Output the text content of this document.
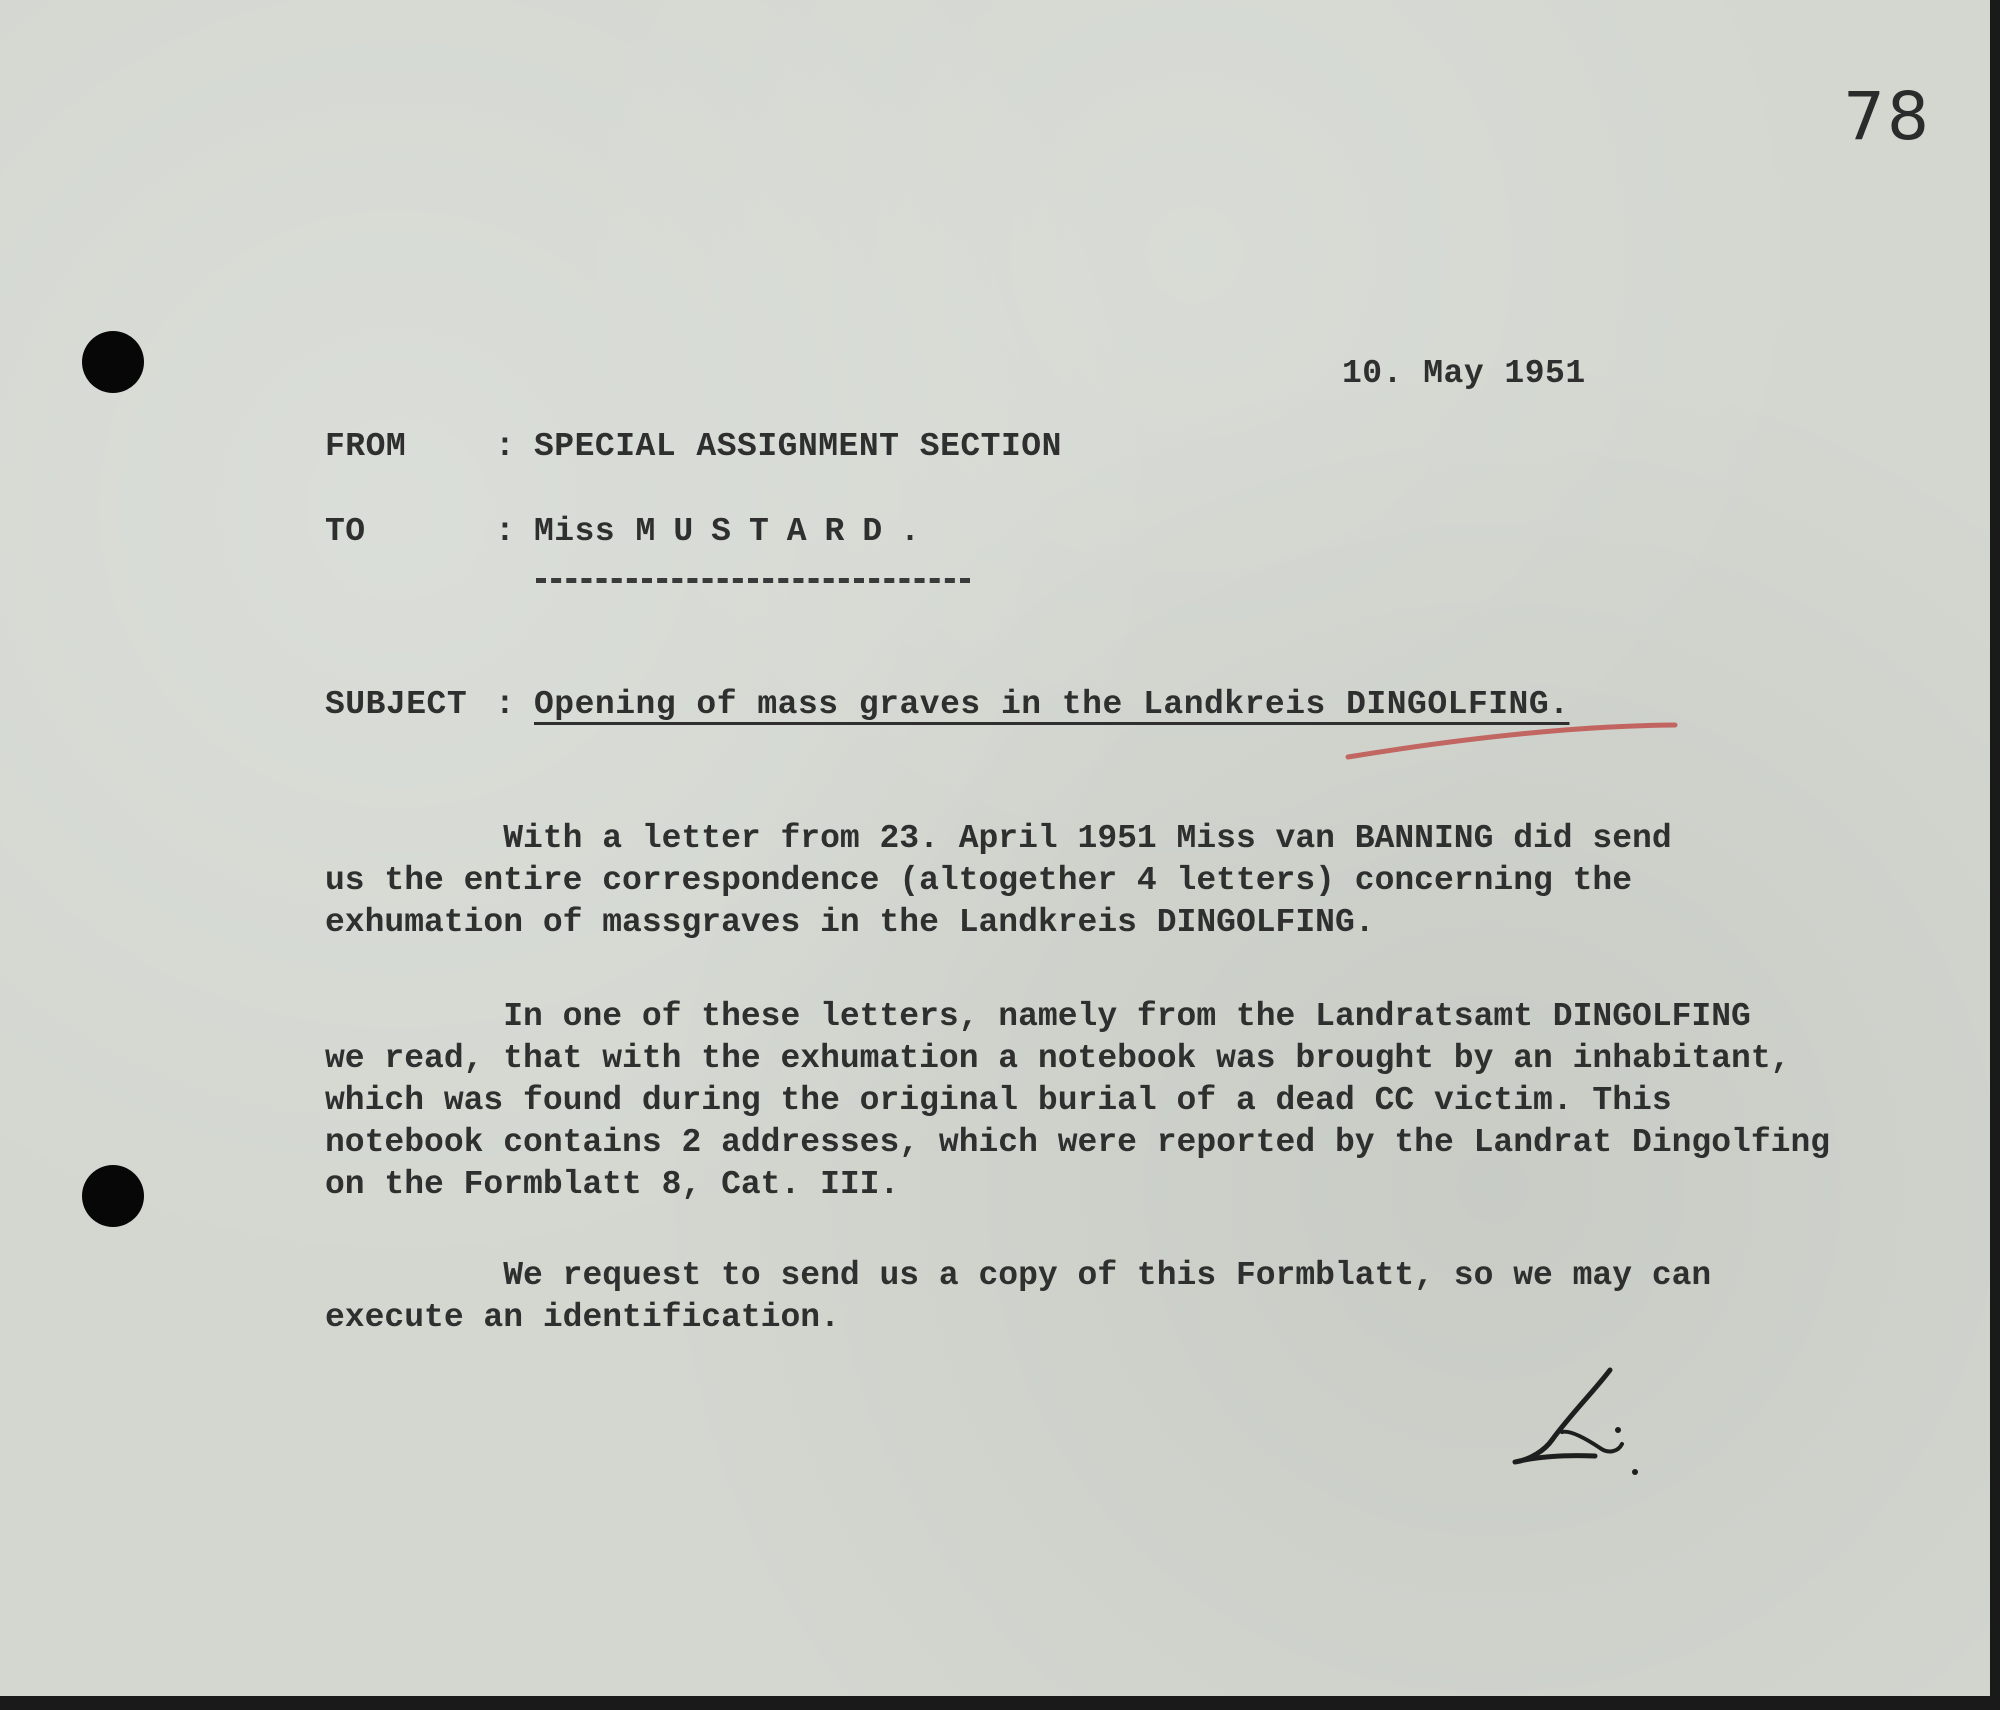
78
10. May 1951
FROM	: SPECIAL ASSIGNMENT SECTION
TO	: Miss MUSTARD.
SUBJECT : Opening of mass graves in the Landkreis DINGOLFING.
With a letter from 23. April 1951 Miss van BANNING did send
us the entire correspondence (altogether 4 letters) concerning the
exhumation of massgraves in the Landkreis DINGOLFING.
In one of these letters, namely from the Landratsamt DINGOLFING
we read, that with the exhumation a notebook was brought by an inhabitant,
which was found during the original burial of a dead CC victim. This
notebook contains 2 addresses, which were reported by the Landrat Dingolfing
on the Formblatt 8, Cat. III.
We request to send us a copy of this Formblatt, so we may can
execute an identification.
